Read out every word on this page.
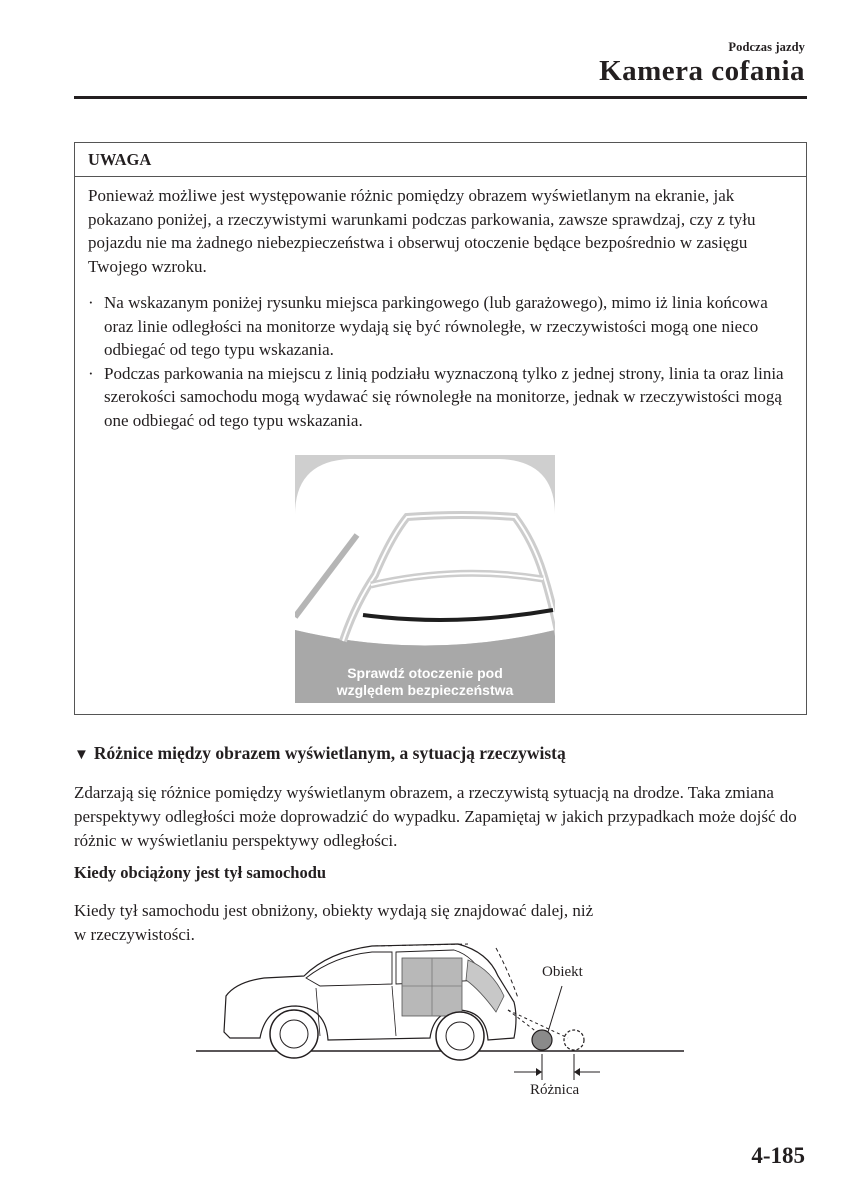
Podczas jazdy
Kamera cofania
UWAGA
Ponieważ możliwe jest występowanie różnic pomiędzy obrazem wyświetlanym na ekranie, jak pokazano poniżej, a rzeczywistymi warunkami podczas parkowania, zawsze sprawdzaj, czy z tyłu pojazdu nie ma żadnego niebezpieczeństwa i obserwuj otoczenie będące bezpośrednio w zasięgu Twojego wzroku.
· Na wskazanym poniżej rysunku miejsca parkingowego (lub garażowego), mimo iż linia końcowa oraz linie odległości na monitorze wydają się być równoległe, w rzeczywistości mogą one nieco odbiegać od tego typu wskazania.
· Podczas parkowania na miejscu z linią podziału wyznaczoną tylko z jednej strony, linia ta oraz linia szerokości samochodu mogą wydawać się równoległe na monitorze, jednak w rzeczywistości mogą one odbiegać od tego typu wskazania.
Sprawdź otoczenie pod
względem bezpieczeństwa
▼ Różnice między obrazem wyświetlanym, a sytuacją rzeczywistą
Zdarzają się różnice pomiędzy wyświetlanym obrazem, a rzeczywistą sytuacją na drodze. Taka zmiana perspektywy odległości może doprowadzić do wypadku. Zapamiętaj w jakich przypadkach może dojść do różnic w wyświetlaniu perspektywy odległości.
Kiedy obciążony jest tył samochodu
Kiedy tył samochodu jest obniżony, obiekty wydają się znajdować dalej, niż
w rzeczywistości.
Obiekt
Różnica
4-185
